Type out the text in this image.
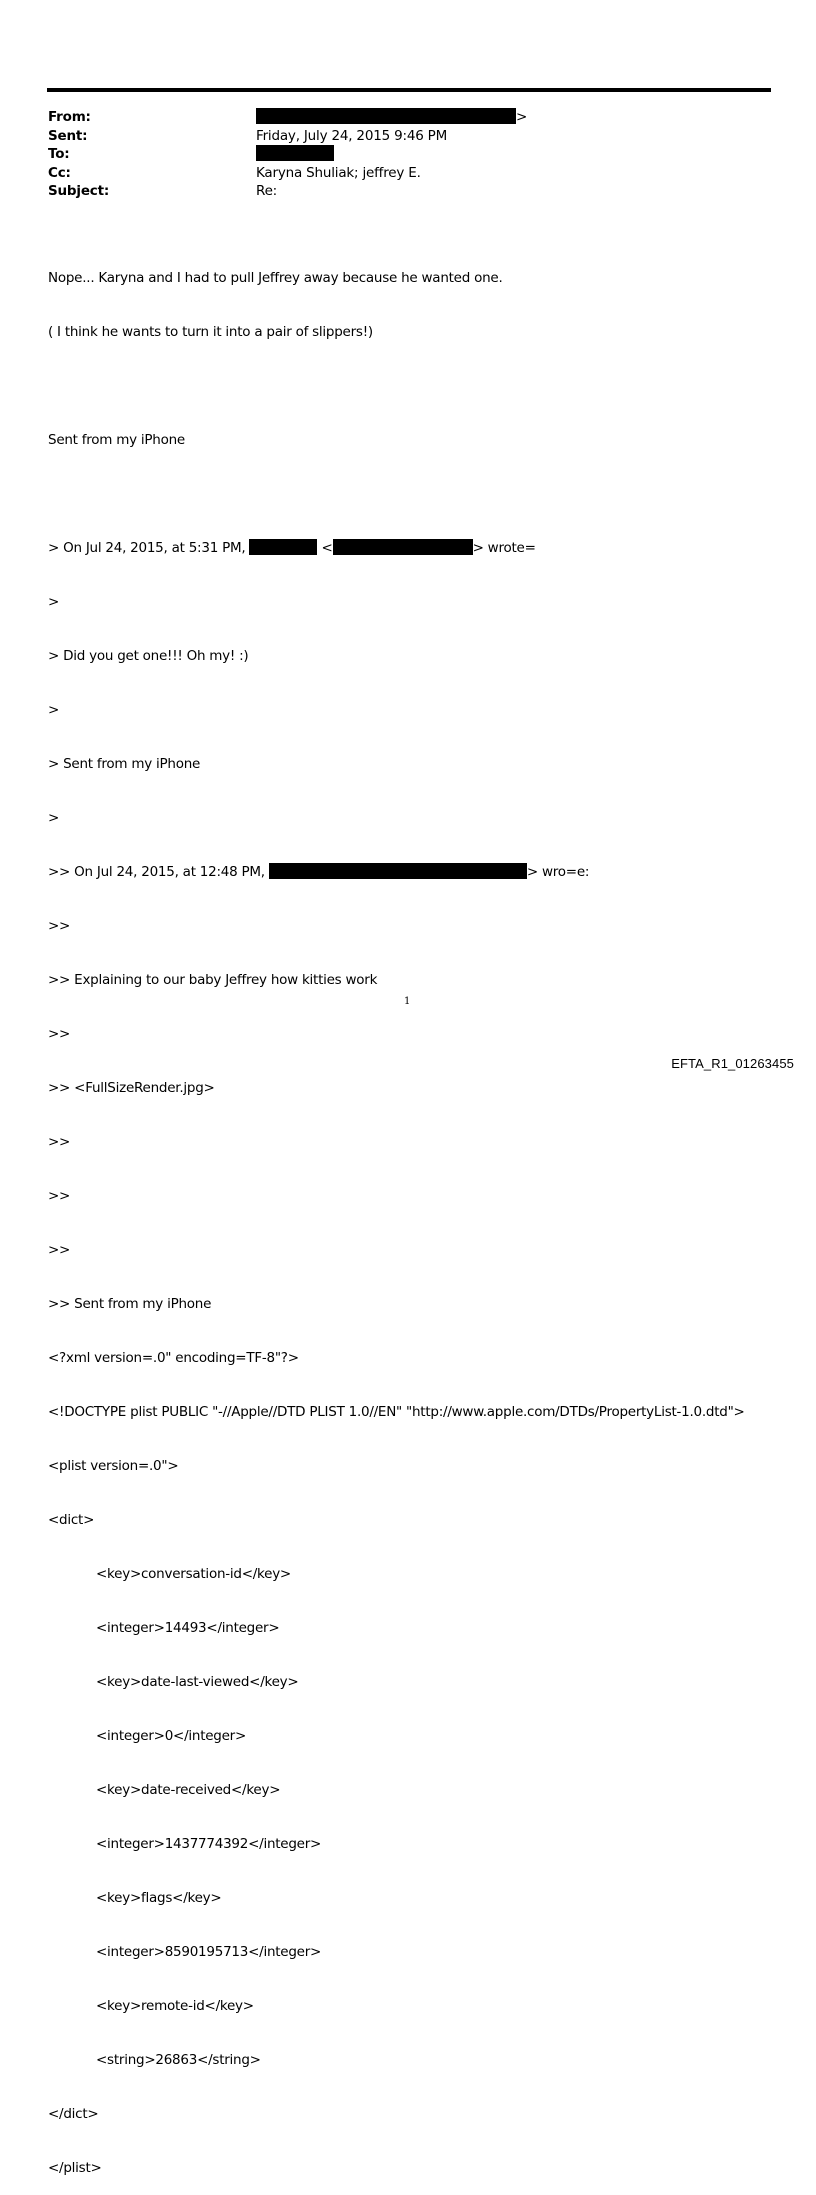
From:	>
Sent:	Friday, July 24, 2015 9:46 PM
To:
Cc:	Karyna Shuliak; jeffrey E.
Subject:	Re:

Nope... Karyna and I had to pull Jeffrey away because he wanted one.

( I think he wants to turn it into a pair of slippers!)

Sent from my iPhone

> On Jul 24, 2015, at 5:31 PM,	<	> wrote=

>

> Did you get one!!! Oh my! :)

>

> Sent from my iPhone

>

>> On Jul 24, 2015, at 12:48 PM,	> wro=e:

>>

>> Explaining to our baby Jeffrey how kitties work

>>

>> <FullSizeRender.jpg>

>>

>>

>>

>> Sent from my iPhone

<?xml version=.0" encoding=TF-8"?>

<!DOCTYPE plist PUBLIC "-//Apple//DTD PLIST 1.0//EN" "http://www.apple.com/DTDs/PropertyList-1.0.dtd">

<plist version=.0">

<dict>

<key>conversation-id</key>

<integer>14493</integer>

<key>date-last-viewed</key>

<integer>0</integer>

<key>date-received</key>

<integer>1437774392</integer>

<key>flags</key>

<integer>8590195713</integer>

<key>remote-id</key>

<string>26863</string>

</dict>

</plist>

1
EFTA_R1_01263455
